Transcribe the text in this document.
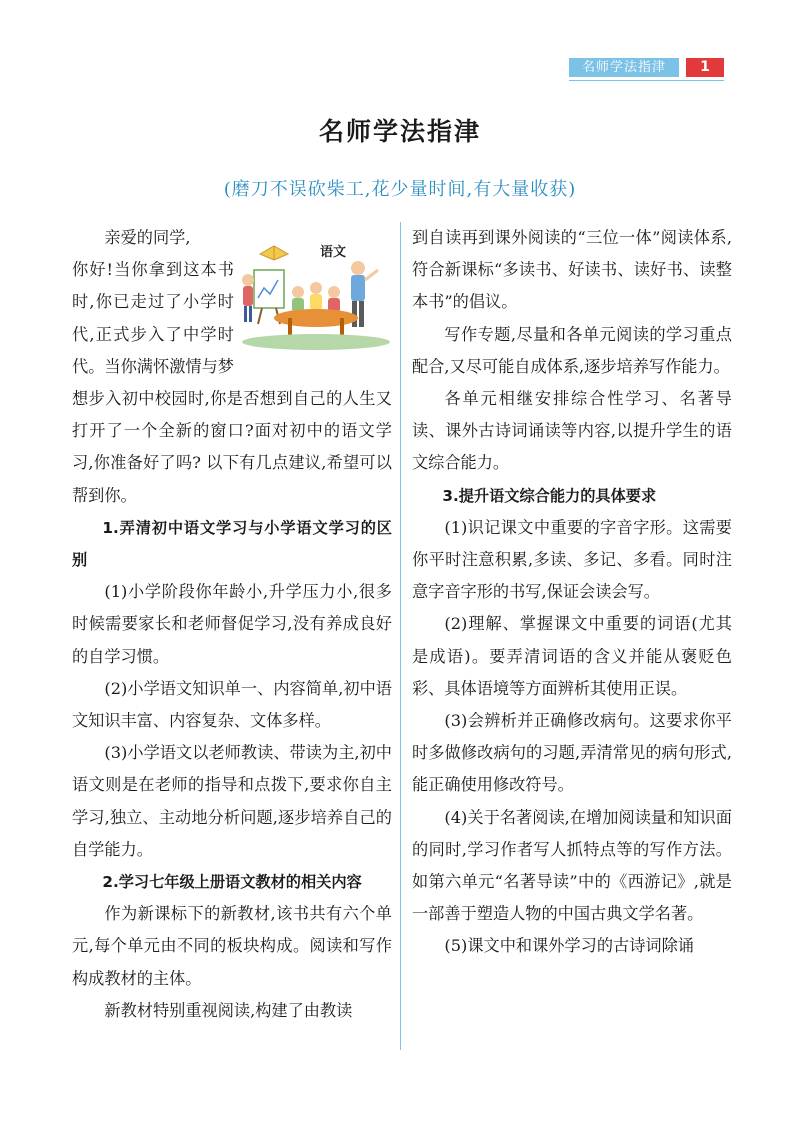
名师学法指津	1
名师学法指津
(磨刀不误砍柴工,花少量时间,有大量收获)
语文

亲爱的同学,

你好!当你拿到这本书时,你已走过了小学时代,正式步入了中学时代。当你满怀激情与梦想步入初中校园时,你是否想到自己的人生又打开了一个全新的窗口?面对初中的语文学习,你准备好了吗? 以下有几点建议,希望可以帮到你。

1.弄清初中语文学习与小学语文学习的区别

(1)小学阶段你年龄小,升学压力小,很多时候需要家长和老师督促学习,没有养成良好的自学习惯。

(2)小学语文知识单一、内容简单,初中语文知识丰富、内容复杂、文体多样。

(3)小学语文以老师教读、带读为主,初中语文则是在老师的指导和点拨下,要求你自主学习,独立、主动地分析问题,逐步培养自己的自学能力。

2.学习七年级上册语文教材的相关内容

作为新课标下的新教材,该书共有六个单元,每个单元由不同的板块构成。阅读和写作构成教材的主体。

新教材特别重视阅读,构建了由教读

到自读再到课外阅读的“三位一体”阅读体系,符合新课标“多读书、好读书、读好书、读整本书”的倡议。

写作专题,尽量和各单元阅读的学习重点配合,又尽可能自成体系,逐步培养写作能力。

各单元相继安排综合性学习、名著导读、课外古诗词诵读等内容,以提升学生的语文综合能力。

3.提升语文综合能力的具体要求

(1)识记课文中重要的字音字形。这需要你平时注意积累,多读、多记、多看。同时注意字音字形的书写,保证会读会写。

(2)理解、掌握课文中重要的词语(尤其是成语)。要弄清词语的含义并能从褒贬色彩、具体语境等方面辨析其使用正误。

(3)会辨析并正确修改病句。这要求你平时多做修改病句的习题,弄清常见的病句形式,能正确使用修改符号。

(4)关于名著阅读,在增加阅读量和知识面的同时,学习作者写人抓特点等的写作方法。如第六单元“名著导读”中的《西游记》,就是一部善于塑造人物的中国古典文学名著。

(5)课文中和课外学习的古诗词除诵
